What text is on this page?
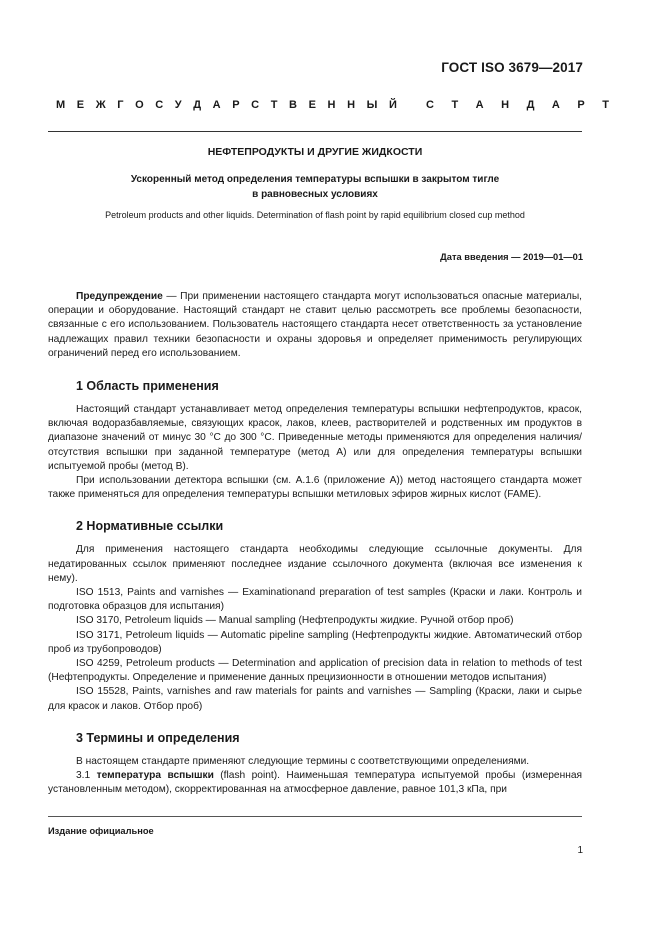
ГОСТ ISO 3679—2017
М Е Ж Г О С У Д А Р С Т В Е Н Н Ы Й	С Т А Н Д А Р Т
НЕФТЕПРОДУКТЫ И ДРУГИЕ ЖИДКОСТИ
Ускоренный метод определения температуры вспышки в закрытом тигле
в равновесных условиях
Petroleum products and other liquids. Determination of flash point by rapid equilibrium closed cup method
Дата введения — 2019—01—01

Предупреждение — При применении настоящего стандарта могут использоваться опасные материалы, операции и оборудование. Настоящий стандарт не ставит целью рассмотреть все проблемы безопасности, связанные с его использованием. Пользователь настоящего стандарта несет ответственность за установление надлежащих правил техники безопасности и охраны здоровья и определяет применимость регулирующих ограничений перед его использованием.

1 Область применения

Настоящий стандарт устанавливает метод определения температуры вспышки нефтепродуктов, красок, включая водоразбавляемые, связующих красок, лаков, клеев, растворителей и родственных им продуктов в диапазоне значений от минус 30 °С до 300 °С. Приведенные методы применяются для определения наличия/отсутствия вспышки при заданной температуре (метод А) или для определения температуры вспышки испытуемой пробы (метод В).

При использовании детектора вспышки (см. А.1.6 (приложение А)) метод настоящего стандарта может также применяться для определения температуры вспышки метиловых эфиров жирных кислот (FAME).

2 Нормативные ссылки

Для применения настоящего стандарта необходимы следующие ссылочные документы. Для недатированных ссылок применяют последнее издание ссылочного документа (включая все изменения к нему).

ISO 1513, Paints and varnishes — Examinationand preparation of test samples (Краски и лаки. Контроль и подготовка образцов для испытания)

ISO 3170, Petroleum liquids — Manual sampling (Нефтепродукты жидкие. Ручной отбор проб)

ISO 3171, Petroleum liquids — Automatic pipeline sampling (Нефтепродукты жидкие. Автоматический отбор проб из трубопроводов)

ISO 4259, Petroleum products — Determination and application of precision data in relation to methods of test (Нефтепродукты. Определение и применение данных прецизионности в отношении методов испытания)

ISO 15528, Paints, varnishes and raw materials for paints and varnishes — Sampling (Краски, лаки и сырье для красок и лаков. Отбор проб)

3 Термины и определения

В настоящем стандарте применяют следующие термины с соответствующими определениями.

3.1 температура вспышки (flash point). Наименьшая температура испытуемой пробы (измеренная установленным методом), скорректированная на атмосферное давление, равное 101,3 кПа, при

Издание официальное
1
